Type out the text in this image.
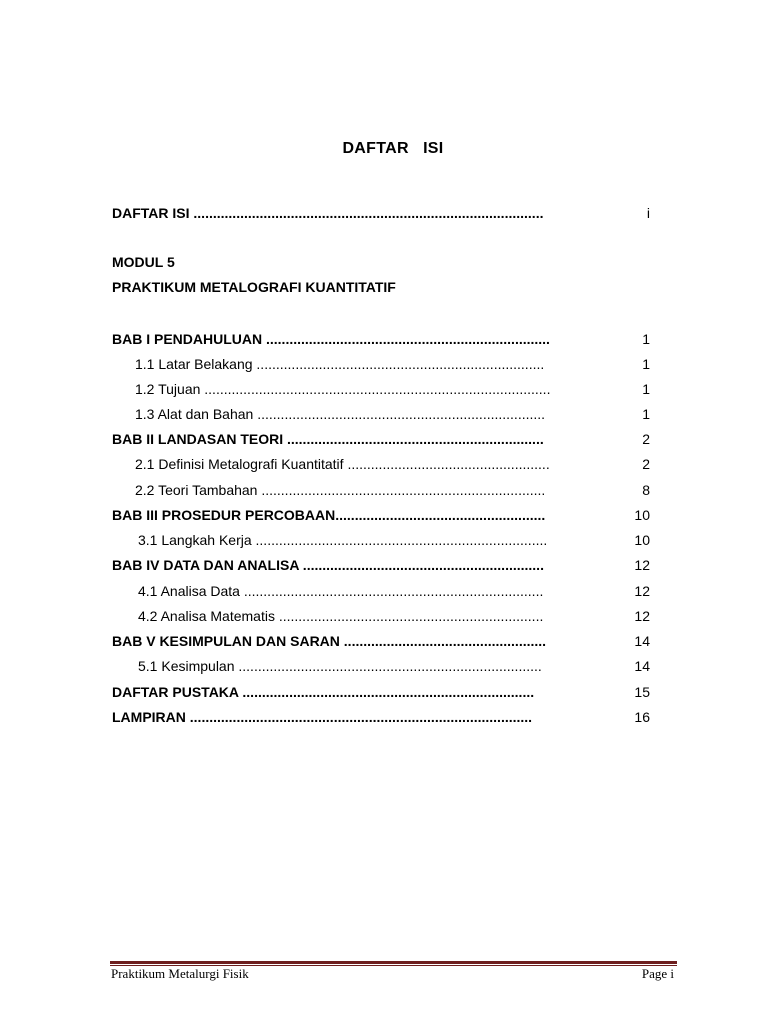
DAFTAR   ISI
MODUL 5
PRAKTIKUM METALOGRAFI KUANTITATIF
DAFTAR ISI ..........................................................................................	i
BAB I PENDAHULUAN .........................................................................	1
1.1 Latar Belakang ..........................................................................	1
1.2 Tujuan .........................................................................................	1
1.3 Alat dan Bahan ..........................................................................	1
BAB II LANDASAN TEORI ..................................................................	2
2.1 Definisi Metalografi Kuantitatif ....................................................	2
2.2 Teori Tambahan .........................................................................	8
BAB III PROSEDUR PERCOBAAN......................................................	10
3.1 Langkah Kerja ...........................................................................	10
BAB IV DATA DAN ANALISA ..............................................................	12
4.1 Analisa Data .............................................................................	12
4.2 Analisa Matematis ....................................................................	12
BAB V KESIMPULAN DAN SARAN ....................................................	14
5.1 Kesimpulan ..............................................................................	14
DAFTAR PUSTAKA ...........................................................................	15
LAMPIRAN ........................................................................................	16
Praktikum Metalurgi Fisik	Page i
